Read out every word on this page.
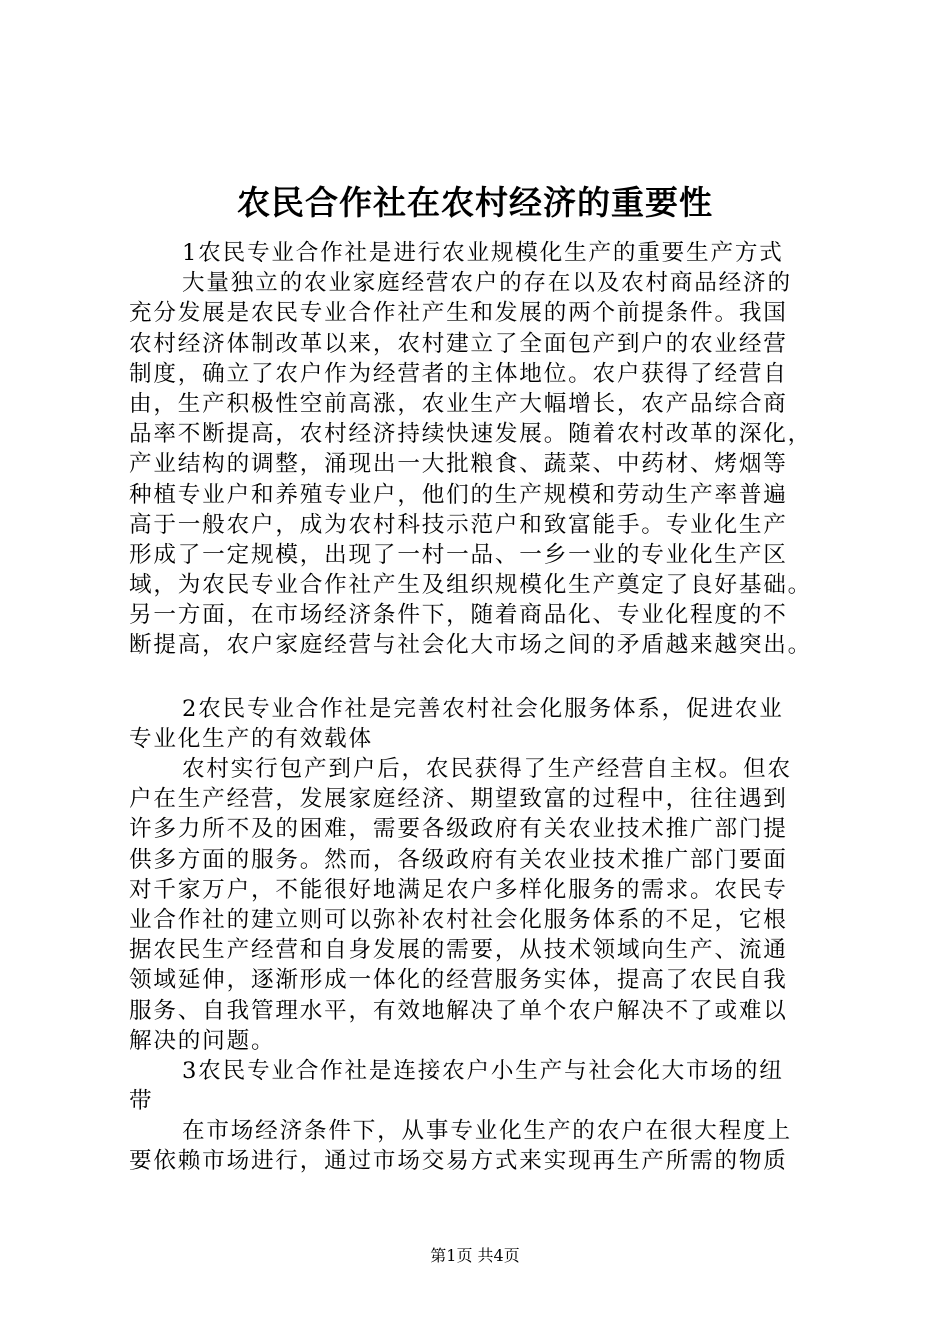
农民合作社在农村经济的重要性
1农民专业合作社是进行农业规模化生产的重要生产方式
大量独立的农业家庭经营农户的存在以及农村商品经济的
充分发展是农民专业合作社产生和发展的两个前提条件。我国
农村经济体制改革以来，农村建立了全面包产到户的农业经营
制度，确立了农户作为经营者的主体地位。农户获得了经营自
由，生产积极性空前高涨，农业生产大幅增长，农产品综合商
品率不断提高，农村经济持续快速发展。随着农村改革的深化，
产业结构的调整，涌现出一大批粮食、蔬菜、中药材、烤烟等
种植专业户和养殖专业户，他们的生产规模和劳动生产率普遍
高于一般农户，成为农村科技示范户和致富能手。专业化生产
形成了一定规模，出现了一村一品、一乡一业的专业化生产区
域，为农民专业合作社产生及组织规模化生产奠定了良好基础。
另一方面，在市场经济条件下，随着商品化、专业化程度的不
断提高，农户家庭经营与社会化大市场之间的矛盾越来越突出。
2农民专业合作社是完善农村社会化服务体系，促进农业
专业化生产的有效载体
农村实行包产到户后，农民获得了生产经营自主权。但农
户在生产经营，发展家庭经济、期望致富的过程中，往往遇到
许多力所不及的困难，需要各级政府有关农业技术推广部门提
供多方面的服务。然而，各级政府有关农业技术推广部门要面
对千家万户，不能很好地满足农户多样化服务的需求。农民专
业合作社的建立则可以弥补农村社会化服务体系的不足，它根
据农民生产经营和自身发展的需要，从技术领域向生产、流通
领域延伸，逐渐形成一体化的经营服务实体，提高了农民自我
服务、自我管理水平，有效地解决了单个农户解决不了或难以
解决的问题。
3农民专业合作社是连接农户小生产与社会化大市场的纽
带
在市场经济条件下，从事专业化生产的农户在很大程度上
要依赖市场进行，通过市场交易方式来实现再生产所需的物质
第1页 共4页
